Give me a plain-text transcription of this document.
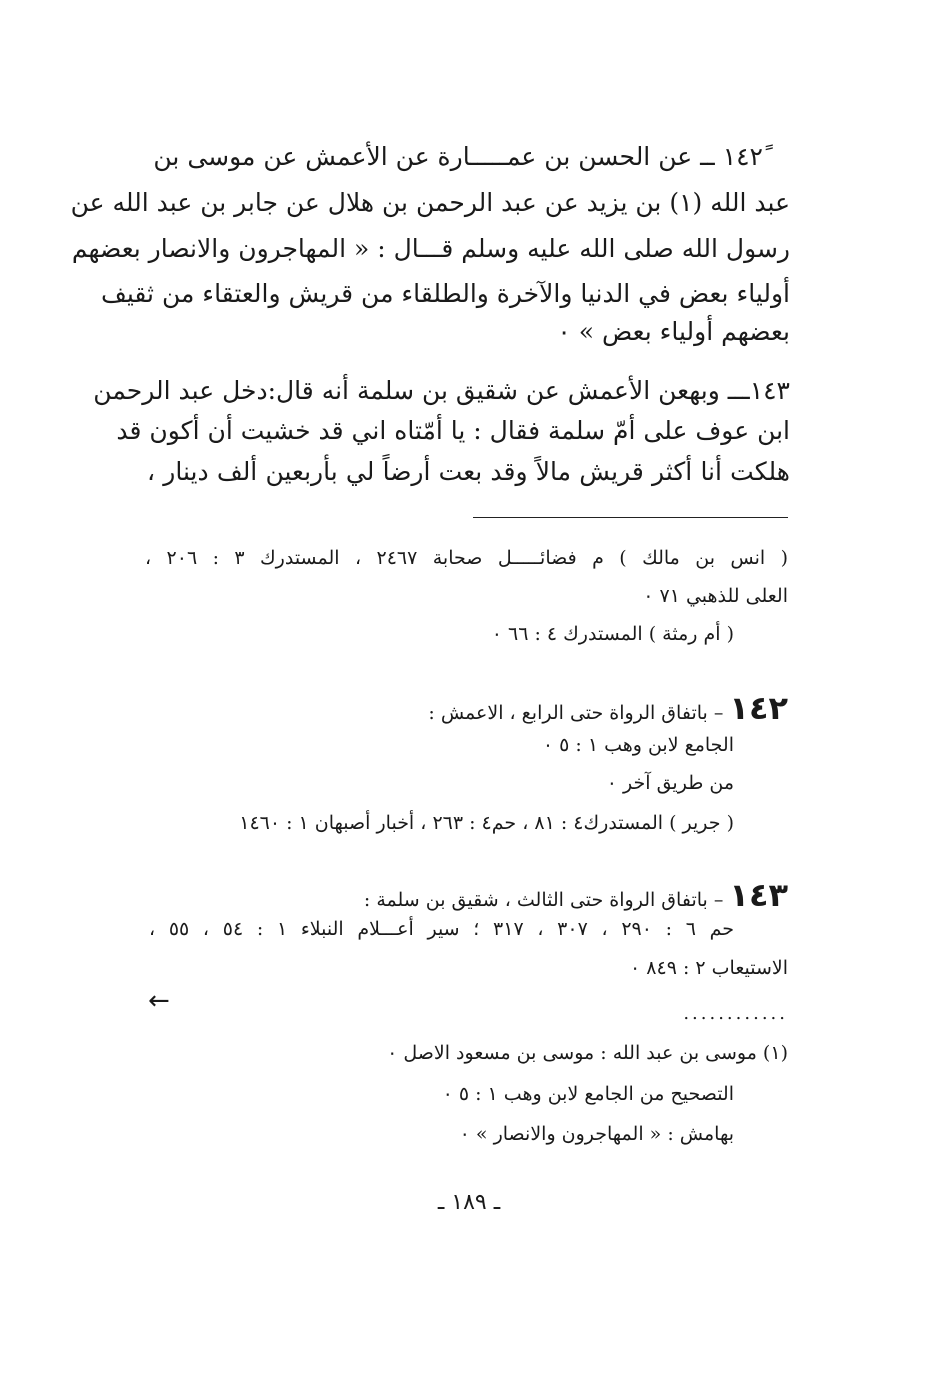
١٤٢ً ــ عن الحسن بن عمـــــارة عن الأعمش عن موسى بن
عبد الله (١) بن يزيد عن عبد الرحمن بن هلال عن جابر بن عبد الله عن
رسول الله صلى الله عليه وسلم قـــال : « المهاجرون والانصار بعضهم
أولياء بعض في الدنيا والآخرة والطلقاء من قريش والعتقاء من ثقيف
بعضهم أولياء بعض » ٠
١٤٣ـــ وبهعن الأعمش عن شقيق بن سلمة أنه قال:دخل عبد الرحمن
ابن عوف على أمّ سلمة فقال : يا أمّتاه اني قد خشيت أن أكون قد
هلكت أنا أكثر قريش مالاً وقد بعت أرضاً لي بأربعين ألف دينار ،
( انس بن مالك ) م فضائـــــل صحابة ٢٤٦٧ ، المستدرك ٣ : ٢٠٦ ،
العلى للذهبي ٧١ ٠
( أم رمثة ) المستدرك ٤ : ٦٦ ٠
١٤٢ – باتفاق الرواة حتى الرابع ، الاعمش :
الجامع لابن وهب ١ : ٥ ٠
من طريق آخر ٠
( جرير ) المستدرك٤ : ٨١ ، حم٤ : ٢٦٣ ، أخبار أصبهان ١ : ١٤٦٠
١٤٣ – باتفاق الرواة حتى الثالث ، شقيق بن سلمة :
حم ٦ : ٢٩٠ ، ٣٠٧ ، ٣١٧ ؛ سير أعـــلام النبلاء ١ : ٥٤ ، ٥٥ ،
الاستيعاب ٢ : ٨٤٩ ٠
←	............
(١) موسى بن عبد الله : موسى بن مسعود الاصل ٠
التصحيح من الجامع لابن وهب ١ : ٥ ٠
بهامش : « المهاجرون والانصار » ٠
ـ ١٨٩ ـ
